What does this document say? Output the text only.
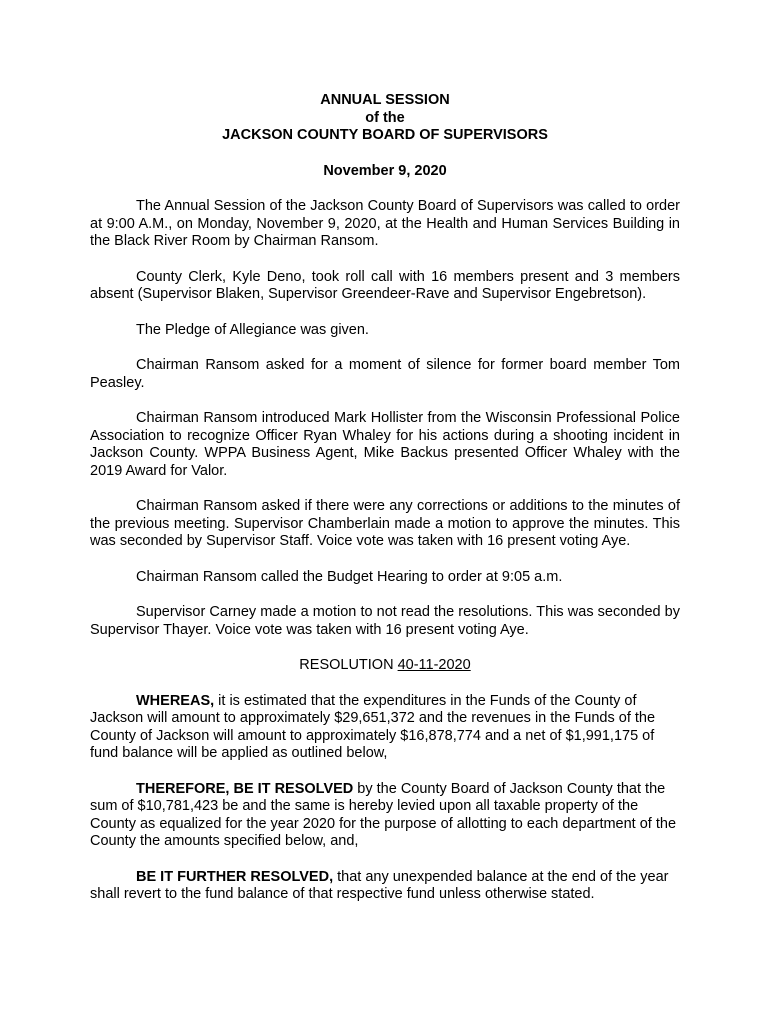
ANNUAL SESSION
of the
JACKSON COUNTY BOARD OF SUPERVISORS
November 9, 2020

The Annual Session of the Jackson County Board of Supervisors was called to order at 9:00 A.M., on Monday, November 9, 2020, at the Health and Human Services Building in the Black River Room by Chairman Ransom.

County Clerk, Kyle Deno, took roll call with 16 members present and 3 members absent (Supervisor Blaken, Supervisor Greendeer-Rave and Supervisor Engebretson).

The Pledge of Allegiance was given.

Chairman Ransom asked for a moment of silence for former board member Tom Peasley.

Chairman Ransom introduced Mark Hollister from the Wisconsin Professional Police Association to recognize Officer Ryan Whaley for his actions during a shooting incident in Jackson County. WPPA Business Agent, Mike Backus presented Officer Whaley with the 2019 Award for Valor.

Chairman Ransom asked if there were any corrections or additions to the minutes of the previous meeting. Supervisor Chamberlain made a motion to approve the minutes. This was seconded by Supervisor Staff. Voice vote was taken with 16 present voting Aye.

Chairman Ransom called the Budget Hearing to order at 9:05 a.m.

Supervisor Carney made a motion to not read the resolutions. This was seconded by Supervisor Thayer. Voice vote was taken with 16 present voting Aye.

RESOLUTION 40-11-2020

WHEREAS, it is estimated that the expenditures in the Funds of the County of Jackson will amount to approximately $29,651,372 and the revenues in the Funds of the County of Jackson will amount to approximately $16,878,774 and a net of $1,991,175 of fund balance will be applied as outlined below,

THEREFORE, BE IT RESOLVED by the County Board of Jackson County that the sum of $10,781,423 be and the same is hereby levied upon all taxable property of the County as equalized for the year 2020 for the purpose of allotting to each department of the County the amounts specified below, and,

BE IT FURTHER RESOLVED, that any unexpended balance at the end of the year shall revert to the fund balance of that respective fund unless otherwise stated.
